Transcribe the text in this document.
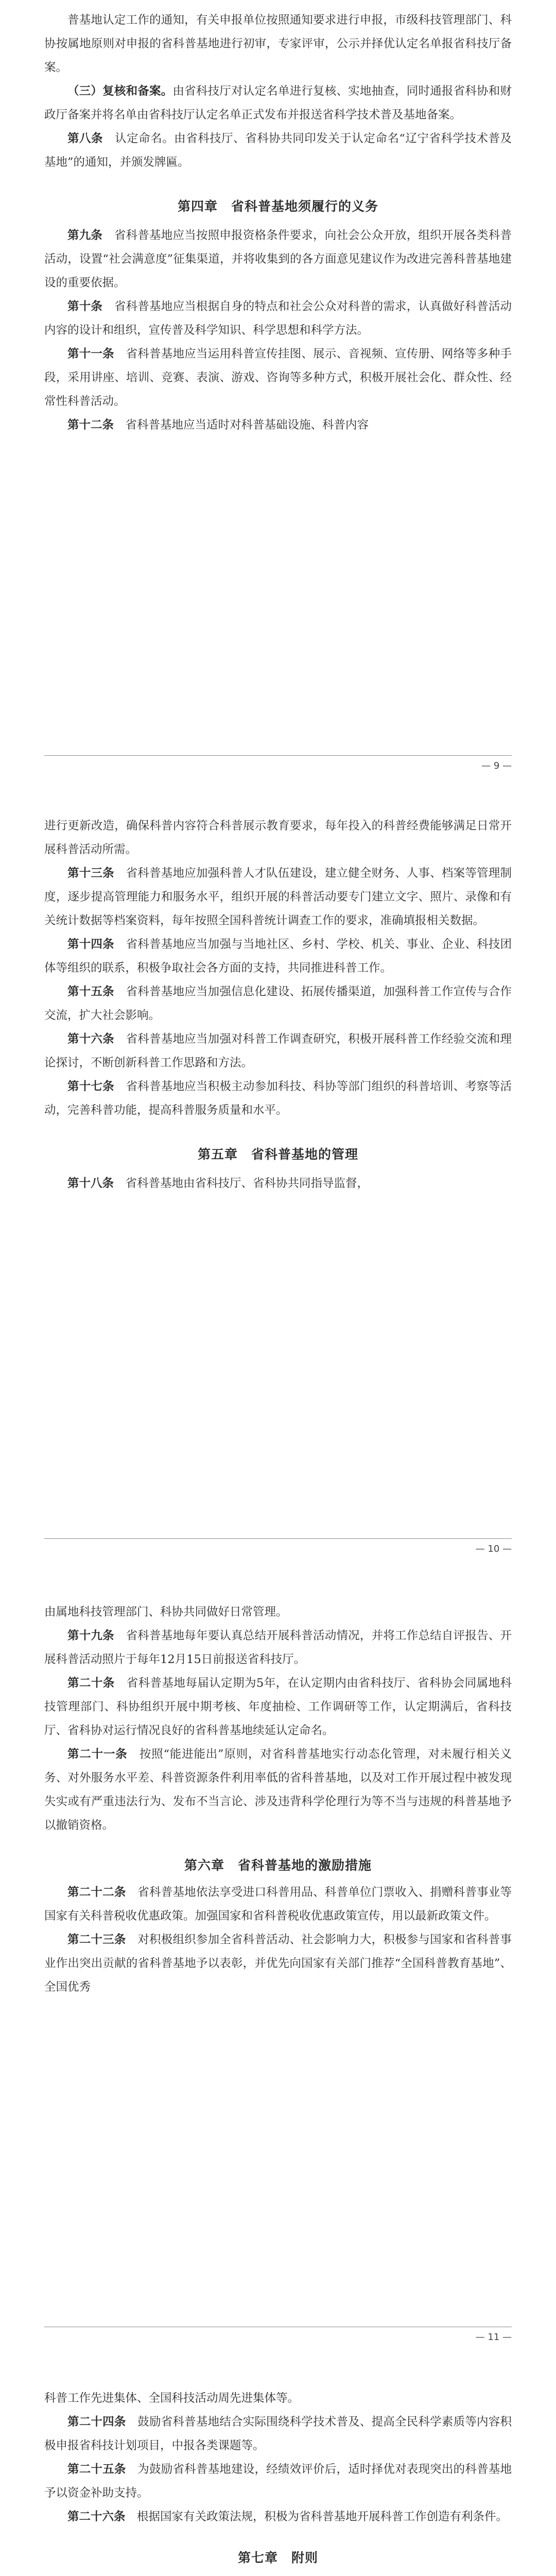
普基地认定工作的通知，有关申报单位按照通知要求进行申报，市级科技管理部门、科协按属地原则对申报的省科普基地进行初审，专家评审，公示并择优认定名单报省科技厅备案。

（三）复核和备案。由省科技厅对认定名单进行复核、实地抽查，同时通报省科协和财政厅备案并将名单由省科技厅认定名单正式发布并报送省科学技术普及基地备案。

第八条　 认定命名。由省科技厅、省科协共同印发关于认定命名“辽宁省科学技术普及基地”的通知，并颁发牌匾。

第四章　省科普基地须履行的义务

第九条　 省科普基地应当按照申报资格条件要求，向社会公众开放，组织开展各类科普活动，设置“社会满意度”征集渠道，并将收集到的各方面意见建议作为改进完善科普基地建设的重要依据。

第十条　 省科普基地应当根据自身的特点和社会公众对科普的需求，认真做好科普活动内容的设计和组织，宣传普及科学知识、科学思想和科学方法。

第十一条　 省科普基地应当运用科普宣传挂图、展示、音视频、宣传册、网络等多种手段，采用讲座、培训、竞赛、表演、游戏、咨询等多种方式，积极开展社会化、群众性、经常性科普活动。

第十二条　 省科普基地应当适时对科普基础设施、科普内容

— 9 —

进行更新改造，确保科普内容符合科普展示教育要求，每年投入的科普经费能够满足日常开展科普活动所需。

第十三条　 省科普基地应加强科普人才队伍建设，建立健全财务、人事、档案等管理制度，逐步提高管理能力和服务水平，组织开展的科普活动要专门建立文字、照片、录像和有关统计数据等档案资料，每年按照全国科普统计调查工作的要求，准确填报相关数据。

第十四条　 省科普基地应当加强与当地社区、乡村、学校、机关、事业、企业、科技团体等组织的联系，积极争取社会各方面的支持，共同推进科普工作。

第十五条　 省科普基地应当加强信息化建设、拓展传播渠道，加强科普工作宣传与合作交流，扩大社会影响。

第十六条　 省科普基地应当加强对科普工作调查研究，积极开展科普工作经验交流和理论探讨，不断创新科普工作思路和方法。

第十七条　 省科普基地应当积极主动参加科技、科协等部门组织的科普培训、考察等活动，完善科普功能，提高科普服务质量和水平。

第五章　省科普基地的管理

第十八条　 省科普基地由省科技厅、省科协共同指导监督，

— 10 —

由属地科技管理部门、科协共同做好日常管理。

第十九条　 省科普基地每年要认真总结开展科普活动情况，并将工作总结自评报告、开展科普活动照片于每年12月15日前报送省科技厅。

第二十条　 省科普基地每届认定期为5年，在认定期内由省科技厅、省科协会同属地科技管理部门、科协组织开展中期考核、年度抽检、工作调研等工作，认定期满后，省科技厅、省科协对运行情况良好的省科普基地续延认定命名。

第二十一条　 按照“能进能出”原则，对省科普基地实行动态化管理，对未履行相关义务、对外服务水平差、科普资源条件利用率低的省科普基地，以及对工作开展过程中被发现失实或有严重违法行为、发布不当言论、涉及违背科学伦理行为等不当与违规的科普基地予以撤销资格。

第六章　省科普基地的激励措施

第二十二条　 省科普基地依法享受进口科普用品、科普单位门票收入、捐赠科普事业等国家有关科普税收优惠政策。加强国家和省科普税收优惠政策宣传，用以最新政策文件。

第二十三条　 对积极组织参加全省科普活动、社会影响力大，积极参与国家和省科普事业作出突出贡献的省科普基地予以表彰，并优先向国家有关部门推荐“全国科普教育基地”、全国优秀

— 11 —

科普工作先进集体、全国科技活动周先进集体等。

第二十四条　 鼓励省科普基地结合实际围绕科学技术普及、提高全民科学素质等内容积极申报省科技计划项目，中报各类课题等。

第二十五条　 为鼓励省科普基地建设，经绩效评价后，适时择优对表现突出的科普基地予以资金补助支持。

第二十六条　 根据国家有关政策法规，积极为省科普基地开展科普工作创造有利条件。

第七章　附则
